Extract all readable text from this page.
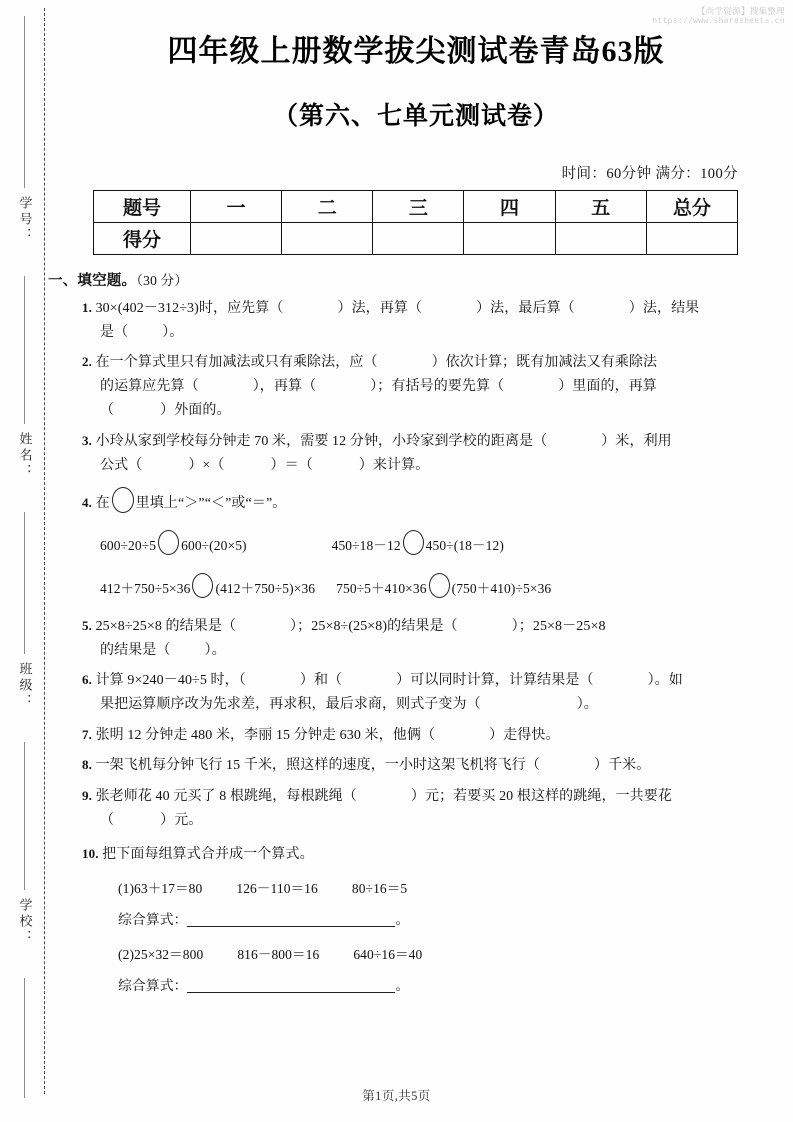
【尚学资源】搜集整理
https://www.sharesheets.cn
学号：
姓名：
班级：
学校：
四年级上册数学拔尖测试卷青岛63版
（第六、七单元测试卷）
时间：60分钟 满分：100分
题号	一	二	三	四	五	总分
得分						
一、填空题。（30 分）
1. 30×(402－312÷3)时，应先算（	）法，再算（	）法，最后算（	）法，结果
是（ ）。
2. 在一个算式里只有加减法或只有乘除法，应（	）依次计算；既有加减法又有乘除法
的运算应先算（	），再算（	）；有括号的要先算（	）里面的，再算
（	）外面的。
3. 小玲从家到学校每分钟走 70 米，需要 12 分钟，小玲家到学校的距离是（	）米，利用
公式（	）×（	）＝（	）来计算。
4. 在 里填上“＞”“＜”或“＝”。
600÷20÷5 600÷(20×5)	450÷18－12 450÷(18－12)
412＋750÷5×36 (412＋750÷5)×36 750÷5＋410×36 (750＋410)÷5×36
5. 25×8÷25×8 的结果是（	）；25×8÷(25×8)的结果是（	）；25×8－25×8
的结果是（ ）。
6. 计算 9×240－40÷5 时，（	）和（	）可以同时计算，计算结果是（	）。如
果把运算顺序改为先求差，再求积，最后求商，则式子变为（	）。
7. 张明 12 分钟走 480 米，李丽 15 分钟走 630 米，他俩（	）走得快。
8. 一架飞机每分钟飞行 15 千米，照这样的速度，一小时这架飞机将飞行（	）千米。
9. 张老师花 40 元买了 8 根跳绳，每根跳绳（	）元；若要买 20 根这样的跳绳，一共要花
（	）元。
10. 把下面每组算式合并成一个算式。
(1)63＋17＝80	126－110＝16	80÷16＝5
综合算式：	。
(2)25×32＝800	816－800＝16	640÷16＝40
综合算式：	。
第1页,共5页
